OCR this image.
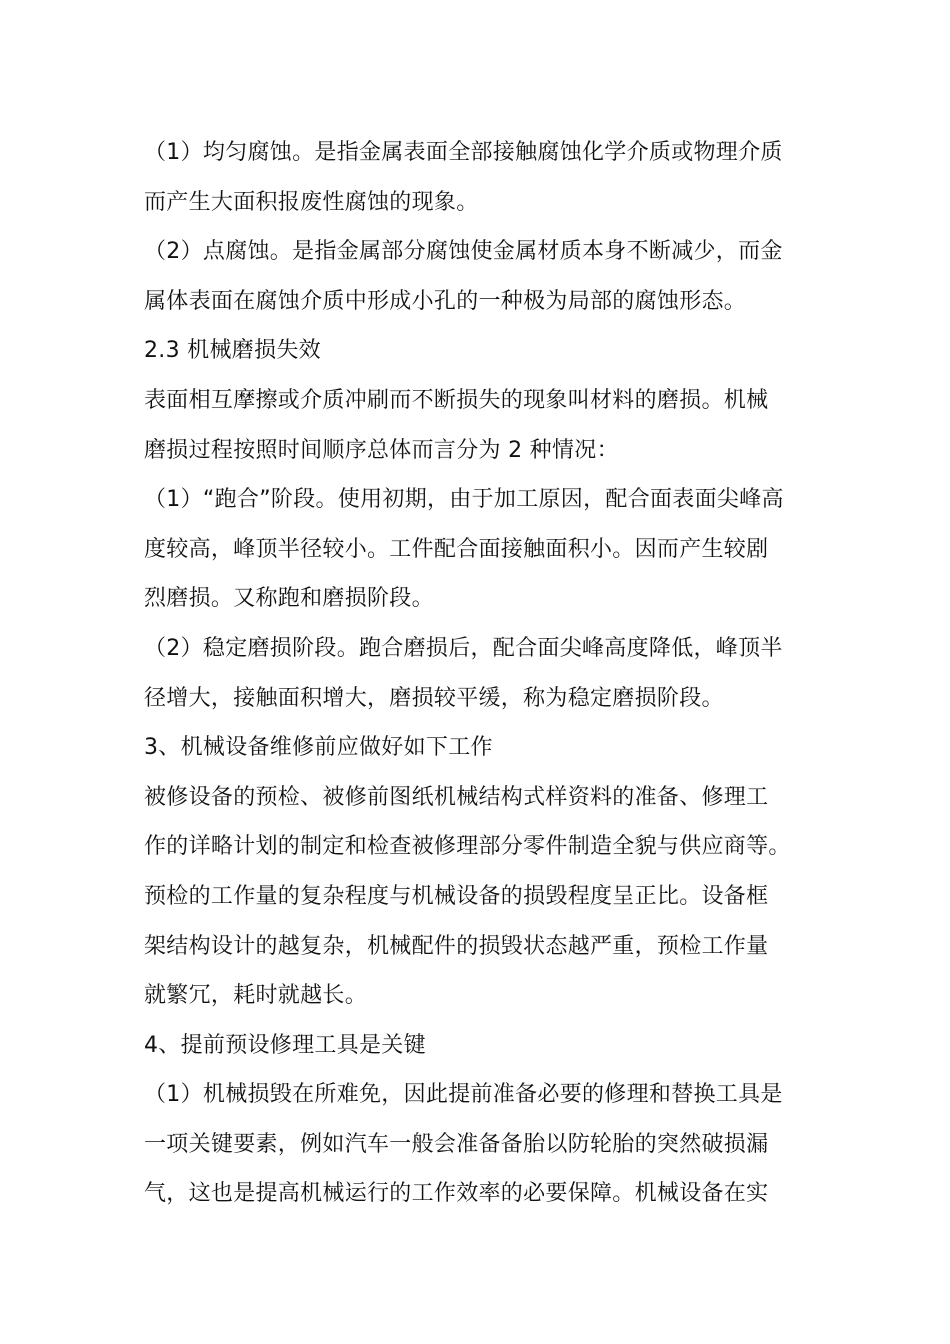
（1）均匀腐蚀。是指金属表面全部接触腐蚀化学介质或物理介质
而产生大面积报废性腐蚀的现象。
（2）点腐蚀。是指金属部分腐蚀使金属材质本身不断减少，而金
属体表面在腐蚀介质中形成小孔的一种极为局部的腐蚀形态。
2.3 机械磨损失效
表面相互摩擦或介质冲刷而不断损失的现象叫材料的磨损。机械
磨损过程按照时间顺序总体而言分为 2 种情况：
（1）“跑合”阶段。使用初期，由于加工原因，配合面表面尖峰高
度较高，峰顶半径较小。工件配合面接触面积小。因而产生较剧
烈磨损。又称跑和磨损阶段。
（2）稳定磨损阶段。跑合磨损后，配合面尖峰高度降低，峰顶半
径增大，接触面积增大，磨损较平缓，称为稳定磨损阶段。
3、机械设备维修前应做好如下工作
被修设备的预检、被修前图纸机械结构式样资料的准备、修理工
作的详略计划的制定和检查被修理部分零件制造全貌与供应商等。
预检的工作量的复杂程度与机械设备的损毁程度呈正比。设备框
架结构设计的越复杂，机械配件的损毁状态越严重，预检工作量
就繁冗，耗时就越长。
4、提前预设修理工具是关键
（1）机械损毁在所难免，因此提前准备必要的修理和替换工具是
一项关键要素，例如汽车一般会准备备胎以防轮胎的突然破损漏
气，这也是提高机械运行的工作效率的必要保障。机械设备在实
